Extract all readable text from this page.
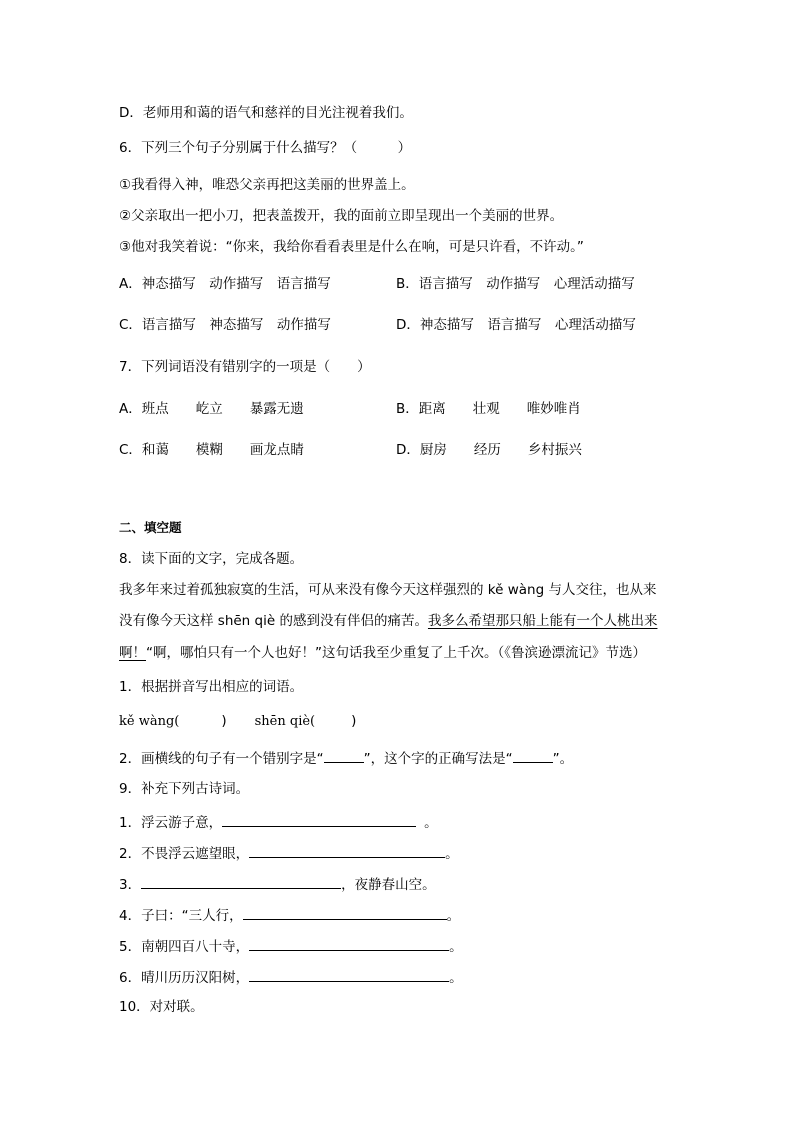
D．老师用和蔼的语气和慈祥的目光注视着我们。
6．下列三个句子分别属于什么描写？（　　　）
①我看得入神，唯恐父亲再把这美丽的世界盖上。
②父亲取出一把小刀，把表盖拨开，我的面前立即呈现出一个美丽的世界。
③他对我笑着说：“你来，我给你看看表里是什么在响，可是只许看，不许动。”
A．神态描写　动作描写　语言描写	B．语言描写　动作描写　心理活动描写
C．语言描写　神态描写　动作描写	D．神态描写　语言描写　心理活动描写
7．下列词语没有错别字的一项是（　　）
A．班点　　屹立　　暴露无遗	B．距离　　壮观　　唯妙唯肖
C．和蔼　　模糊　　画龙点睛	D．厨房　　经历　　乡村振兴
二、填空题
8．读下面的文字，完成各题。
我多年来过着孤独寂寞的生活，可从来没有像今天这样强烈的 kě wàng 与人交往，也从来
没有像今天这样 shēn qiè 的感到没有伴侣的痛苦。我多么希望那只船上能有一个人桃出来
啊！“啊，哪怕只有一个人也好！”这句话我至少重复了上千次。（《鲁滨逊漂流记》节选）
1．根据拼音写出相应的词语。
kě wàng(	) shēn qiè(	)
2．画横线的句子有一个错别字是“	”，这个字的正确写法是“	”。
9．补充下列古诗词。
1．浮云游子意，	。
2．不畏浮云遮望眼，	。
3．	，夜静春山空。
4．子曰：“三人行，	。
5．南朝四百八十寺，	。
6．晴川历历汉阳树，	。
10．对对联。
